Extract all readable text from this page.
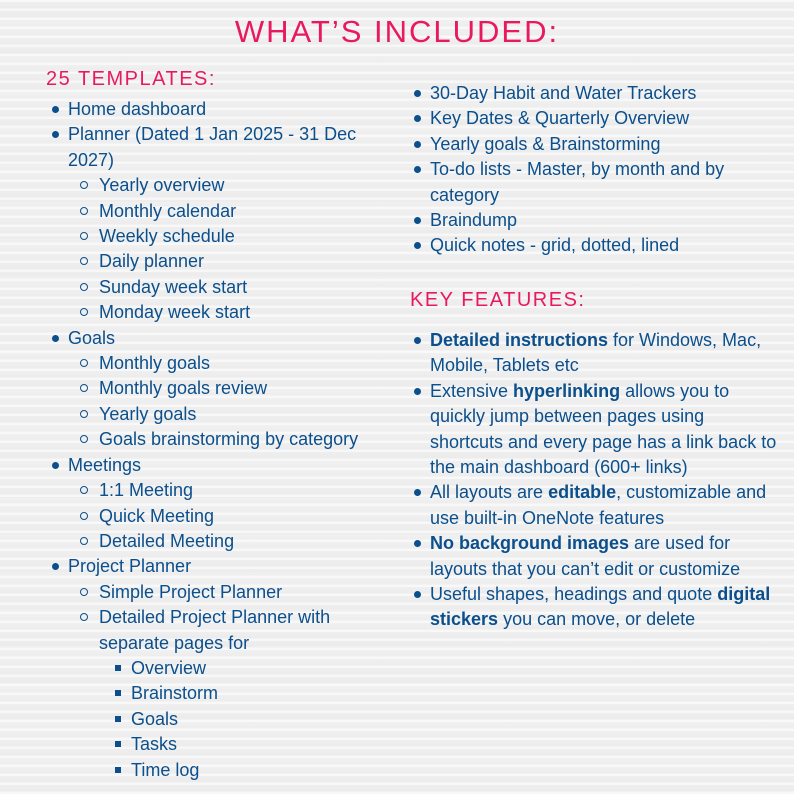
WHAT’S INCLUDED:
25 TEMPLATES:
Home dashboard
Planner (Dated 1 Jan 2025 - 31 Dec 2027)
Yearly overview
Monthly calendar
Weekly schedule
Daily planner
Sunday week start
Monday week start
Goals
Monthly goals
Monthly goals review
Yearly goals
Goals brainstorming by category
Meetings
1:1 Meeting
Quick Meeting
Detailed Meeting
Project Planner
Simple Project Planner
Detailed Project Planner with separate pages for
Overview
Brainstorm
Goals
Tasks
Time log
30-Day Habit and Water Trackers
Key Dates & Quarterly Overview
Yearly goals & Brainstorming
To-do lists - Master, by month and by category
Braindump
Quick notes - grid, dotted, lined
KEY FEATURES:
Detailed instructions for Windows, Mac, Mobile, Tablets etc
Extensive hyperlinking allows you to quickly jump between pages using shortcuts and every page has a link back to the main dashboard (600+ links)
All layouts are editable, customizable and use built-in OneNote features
No background images are used for layouts that you can’t edit or customize
Useful shapes, headings and quote digital stickers you can move, or delete
